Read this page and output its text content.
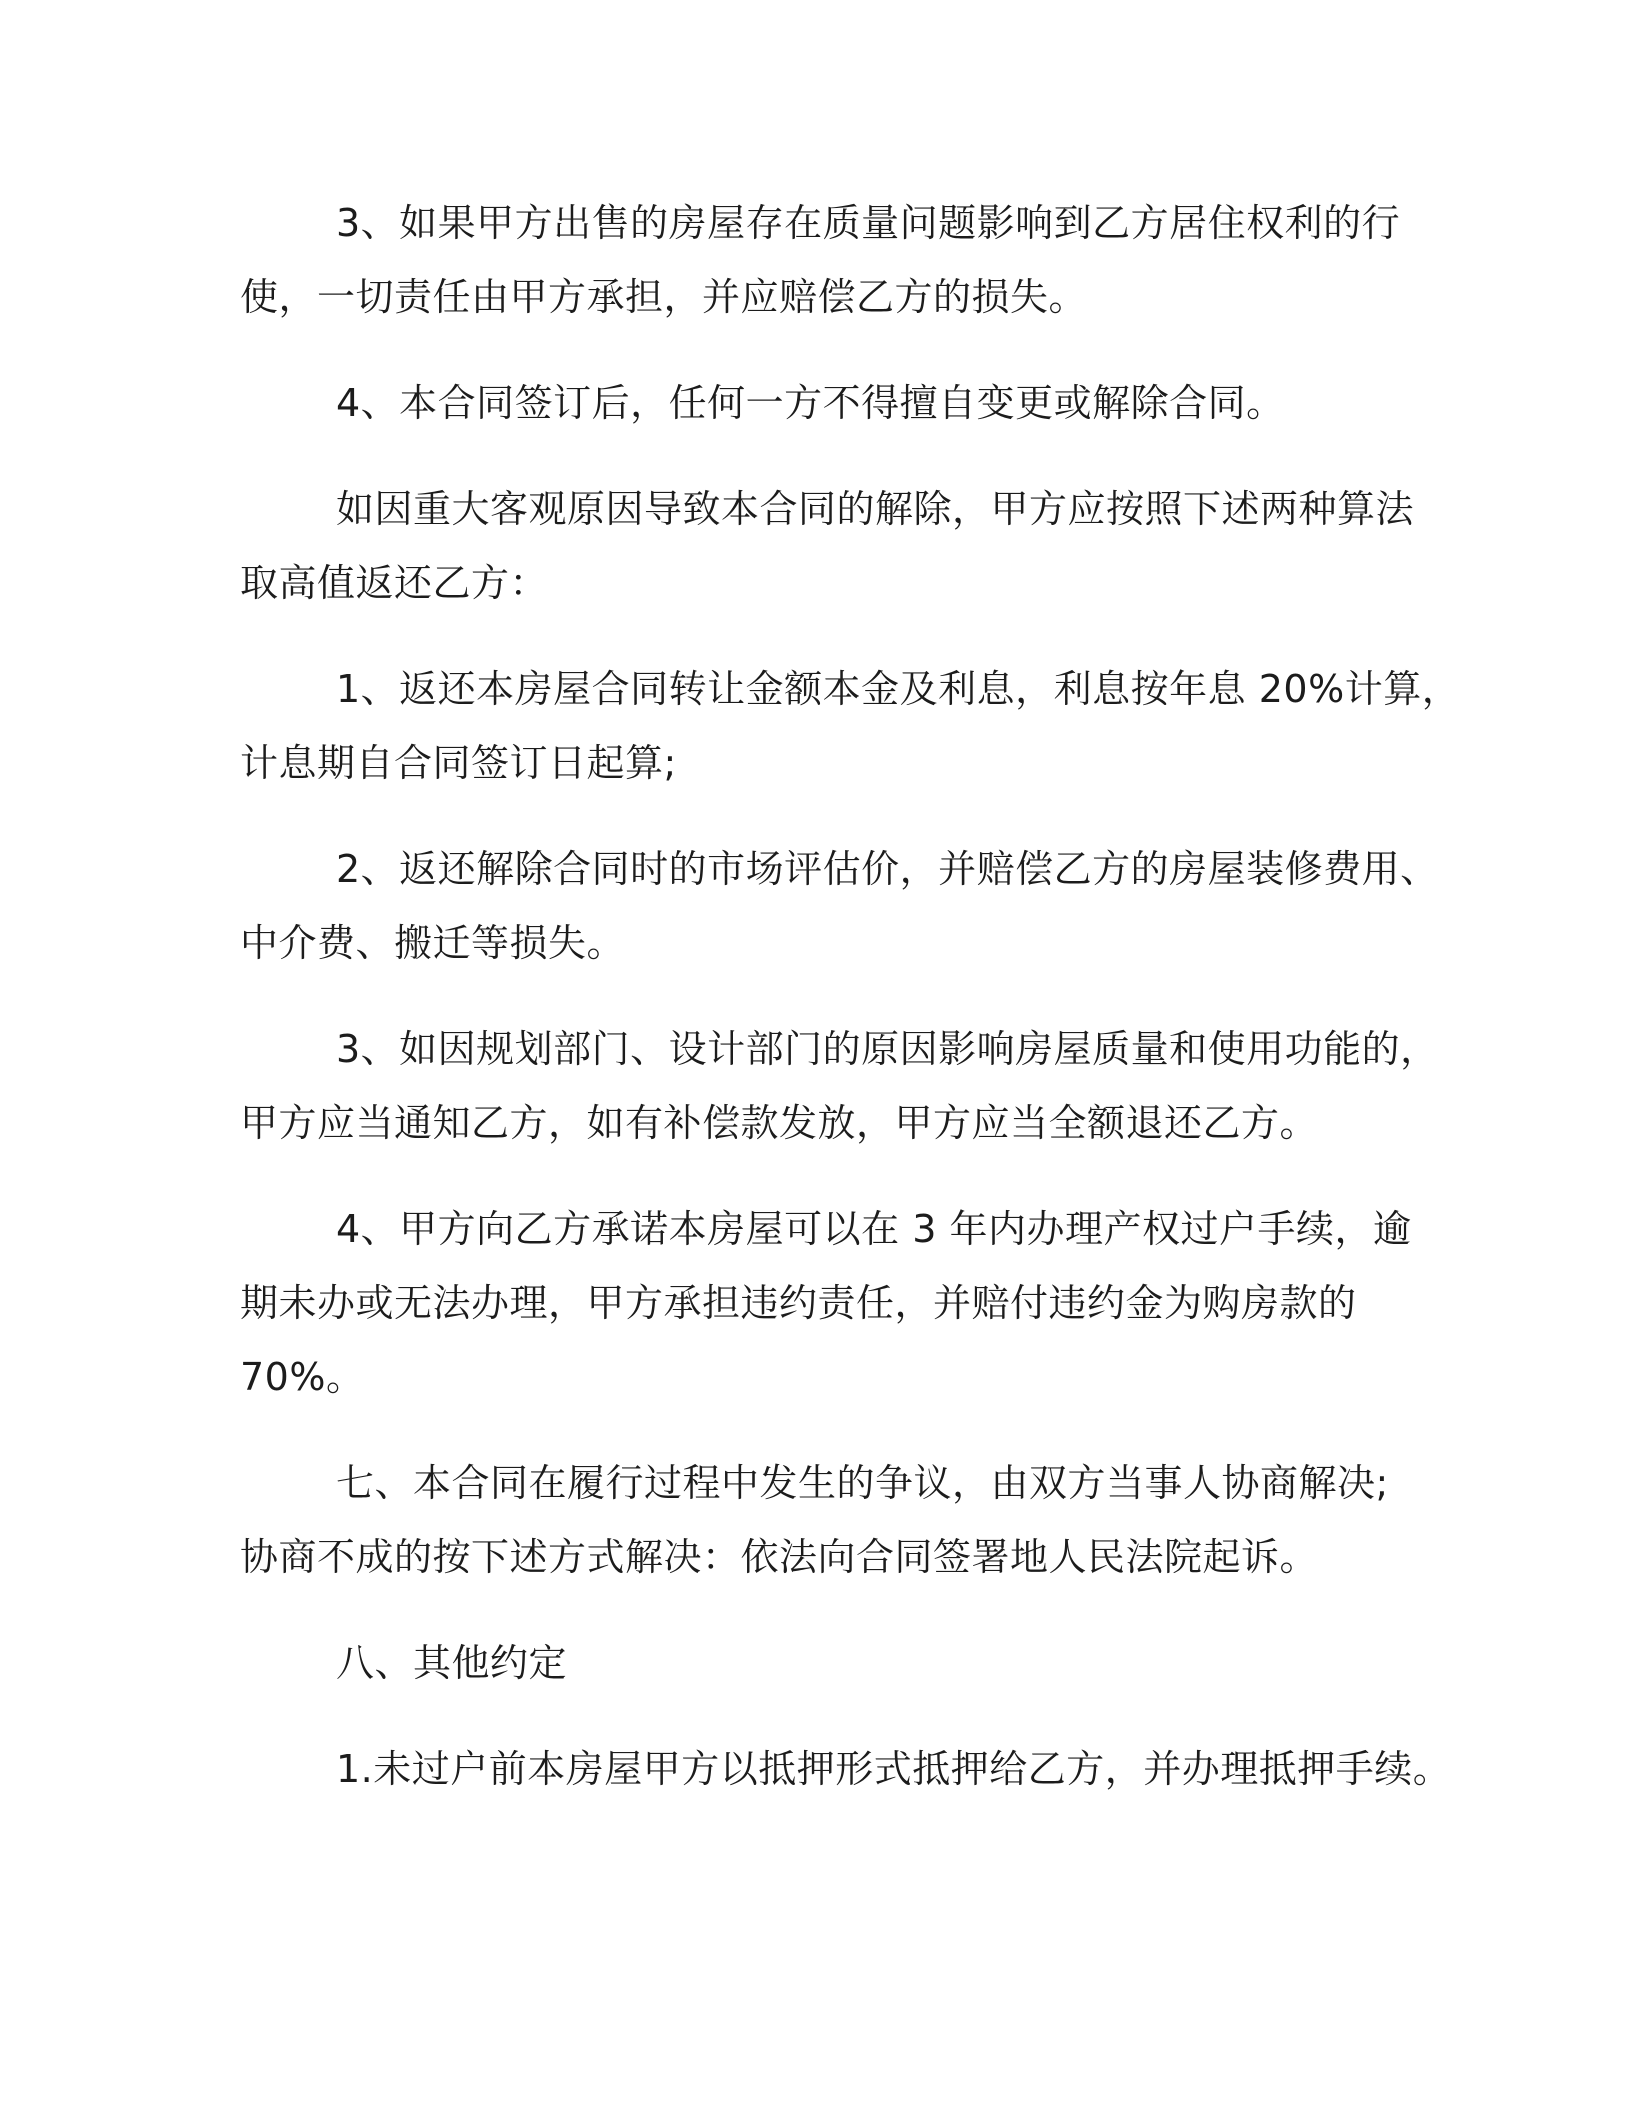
3、如果甲方出售的房屋存在质量问题影响到乙方居住权利的行
使，一切责任由甲方承担，并应赔偿乙方的损失。
4、本合同签订后，任何一方不得擅自变更或解除合同。
如因重大客观原因导致本合同的解除，甲方应按照下述两种算法
取高值返还乙方：
1、返还本房屋合同转让金额本金及利息，利息按年息 20%计算，
计息期自合同签订日起算;
2、返还解除合同时的市场评估价，并赔偿乙方的房屋装修费用、
中介费、搬迁等损失。
3、如因规划部门、设计部门的原因影响房屋质量和使用功能的，
甲方应当通知乙方，如有补偿款发放，甲方应当全额退还乙方。
4、甲方向乙方承诺本房屋可以在 3 年内办理产权过户手续，逾
期未办或无法办理，甲方承担违约责任，并赔付违约金为购房款的
70%。
七、本合同在履行过程中发生的争议，由双方当事人协商解决;
协商不成的按下述方式解决：依法向合同签署地人民法院起诉。
八、其他约定
1.未过户前本房屋甲方以抵押形式抵押给乙方，并办理抵押手续。
